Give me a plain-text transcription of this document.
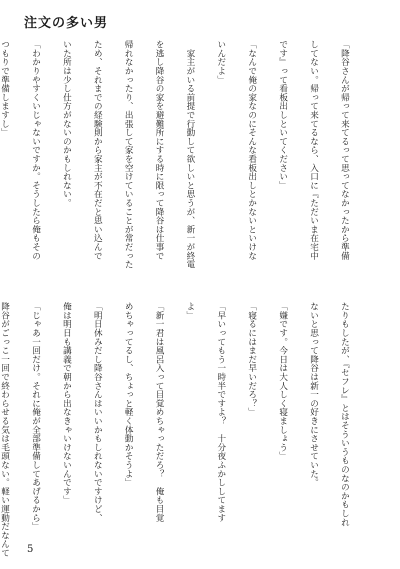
注文の多い男

「降谷さんが帰って来てるって思ってなかったから準備

してない。帰って来てるなら、入口に『ただいま在宅中

です』って看板出しといてください」

「なんで俺の家なのにそんな看板出しとかないといけな

いんだよ」

　家主がいる前提で行動して欲しいと思うが、新一が終電

を逃し降谷の家を避難所にする時に限って降谷は仕事で

帰れなかったり、出張して家を空けていることが常だった

ため、それまでの経験則から家主が不在だと思い込んで

いた所は少し仕方がないのかもしれない。

「わかりやすくいじゃないですか。そうしたら俺もその

つもりで準備しますし」

たりもしたが、『セフレ』とはそういうものなのかもしれ

ないと思って降谷は新一の好きにさせていた。

「嫌です。今日は大人しく寝ましょう」

「寝るにはまだ早いだろ？」

「早いってもう一時半ですよ？　十分夜ふかししてます

よ」

「新一君は風呂入って目覚めちゃっただろ？　俺も目覚

めちゃってるし、ちょっと軽く体動かそうよ」

「明日休みだし降谷さんはいいかもしれないですけど、

俺は明日も講義で朝から出なきゃいけないんです」

「じゃあ一回だけ。それに俺が全部準備してあげるから」

降谷がごっこ一回で終わらせる気は毛頭ない。軽い運動だなんて

5
